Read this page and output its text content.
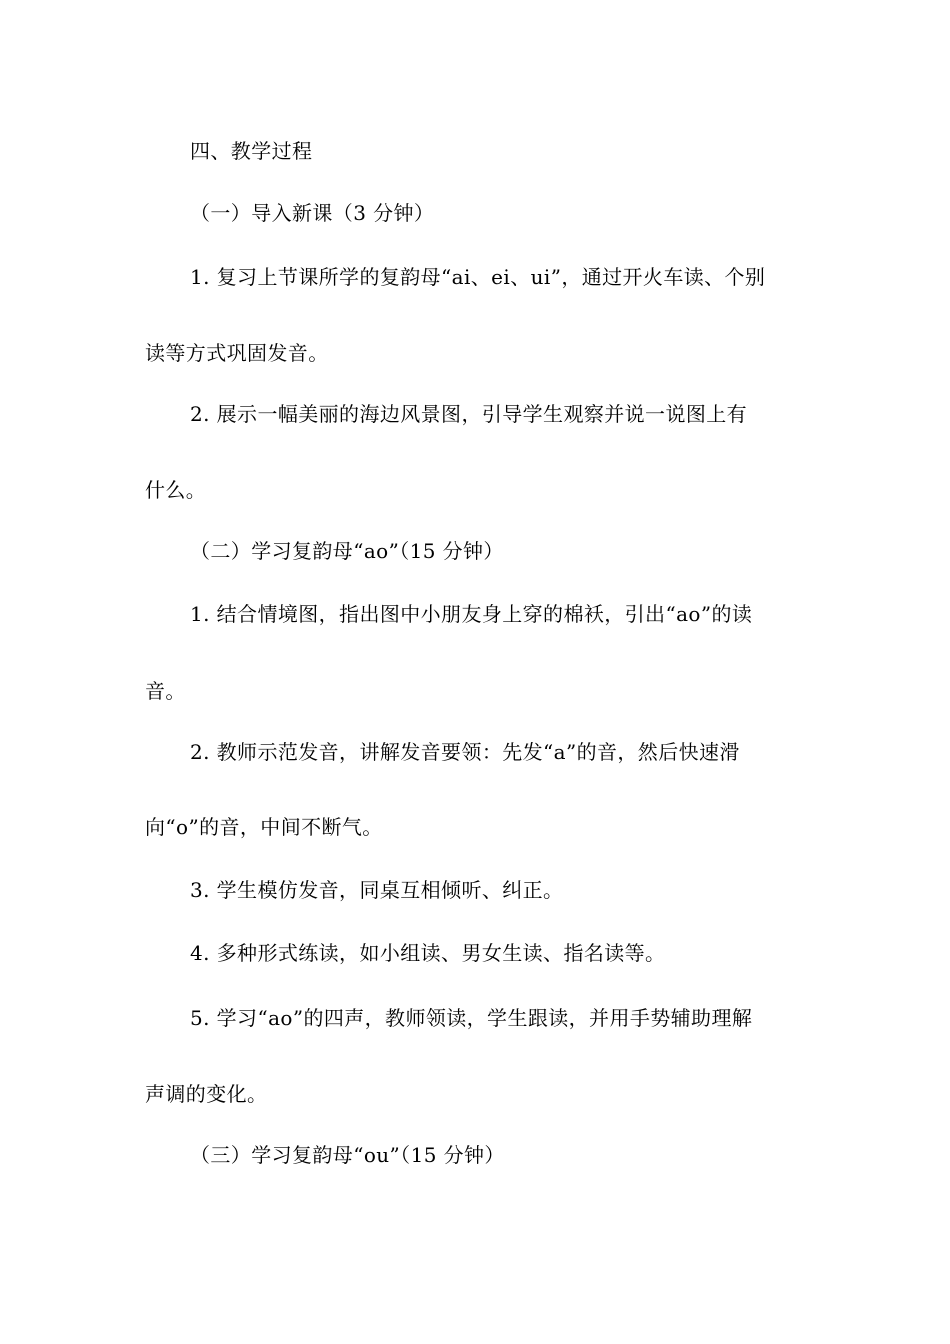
四、教学过程
（一）导入新课（3 分钟）
1. 复习上节课所学的复韵母“ai、ei、ui”，通过开火车读、个别
读等方式巩固发音。
2. 展示一幅美丽的海边风景图，引导学生观察并说一说图上有
什么。
（二）学习复韵母“ao”（15 分钟）
1. 结合情境图，指出图中小朋友身上穿的棉袄，引出“ao”的读
音。
2. 教师示范发音，讲解发音要领：先发“a”的音，然后快速滑
向“o”的音，中间不断气。
3. 学生模仿发音，同桌互相倾听、纠正。
4. 多种形式练读，如小组读、男女生读、指名读等。
5. 学习“ao”的四声，教师领读，学生跟读，并用手势辅助理解
声调的变化。
（三）学习复韵母“ou”（15 分钟）
